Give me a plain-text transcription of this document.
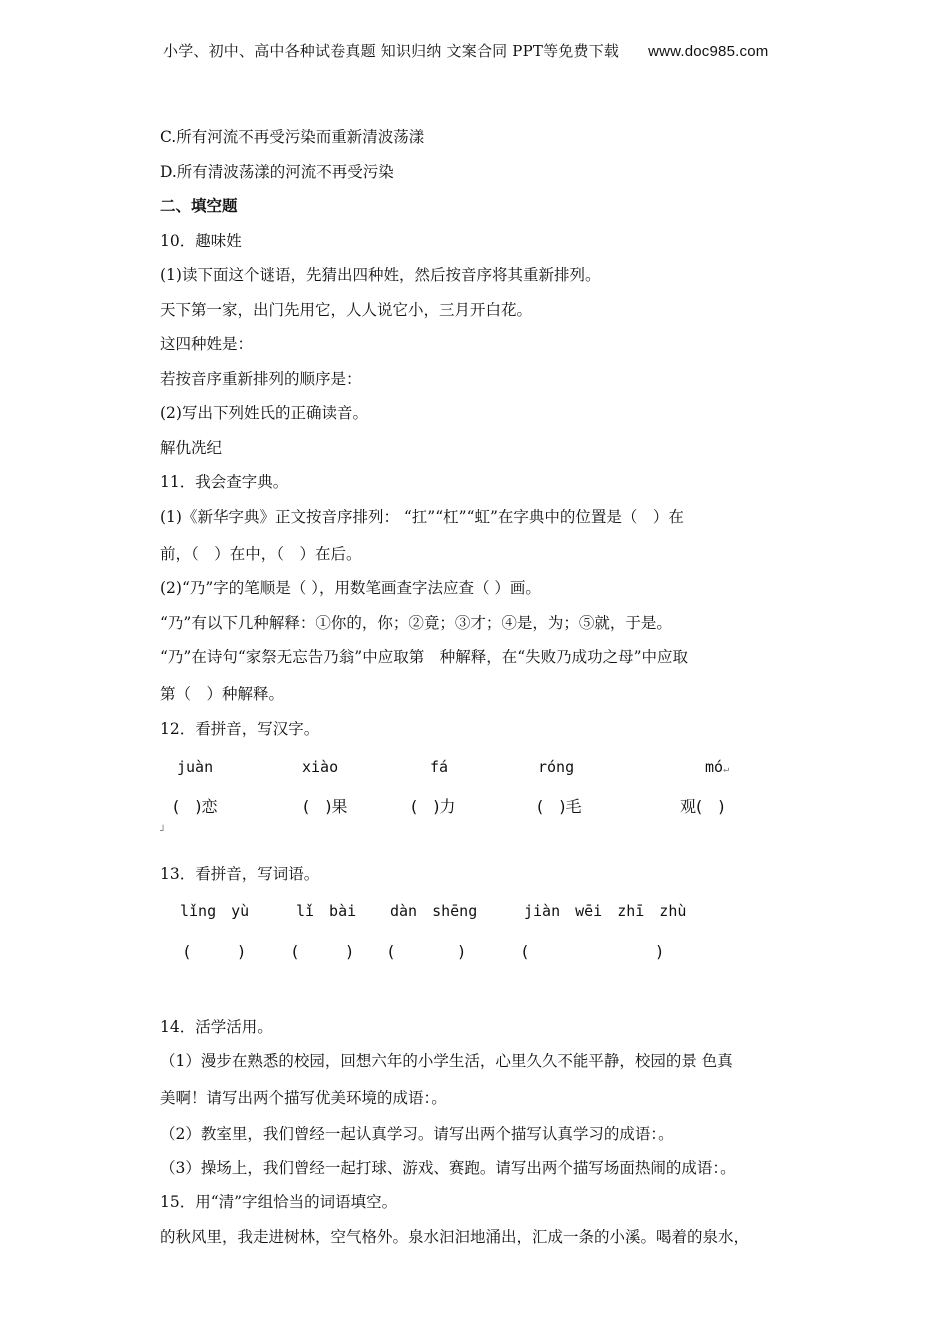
小学、初中、高中各种试卷真题 知识归纳 文案合同 PPT等免费下载 www.doc985.com
C.所有河流不再受污染而重新清波荡漾
D.所有清波荡漾的河流不再受污染
二、填空题
10．趣味姓
(1)读下面这个谜语，先猜出四种姓，然后按音序将其重新排列。
天下第一家，出门先用它，人人说它小，三月开白花。
这四种姓是：
若按音序重新排列的顺序是：
(2)写出下列姓氏的正确读音。
解仇冼纪
11．我会查字典。
(1)《新华字典》正文按音序排列： “扛”“杠”“虹”在字典中的位置是（　）在
前，（　）在中，（　）在后。
(2)“乃”字的笔顺是（ ），用数笔画查字法应查（ ）画。
“乃”有以下几种解释：①你的，你；②竟；③才；④是，为；⑤就，于是。
“乃”在诗句“家祭无忘告乃翁”中应取第　种解释，在“失败乃成功之母”中应取
第（　）种解释。
12．看拼音，写汉字。
juàn	xiào	fá	róng	mó↵
(　)恋	(　)果	(　)力	(　)毛	观(　)
┘
13．看拼音，写词语。
lǐng　yù	lǐ　bài dàn　shēng	jiàn　wēi　zhī　zhù
(　　　)	(　　　) (　　　　)	(　　　　　　　　)
14．活学活用。
（1）漫步在熟悉的校园，回想六年的小学生活，心里久久不能平静，校园的景 色真
美啊！请写出两个描写优美环境的成语：。
（2）教室里，我们曾经一起认真学习。请写出两个描写认真学习的成语：。
（3）操场上，我们曾经一起打球、游戏、赛跑。请写出两个描写场面热闹的成语：。
15．用“清”字组恰当的词语填空。
的秋风里，我走进树林，空气格外。泉水汩汩地涌出，汇成一条的小溪。喝着的泉水，
